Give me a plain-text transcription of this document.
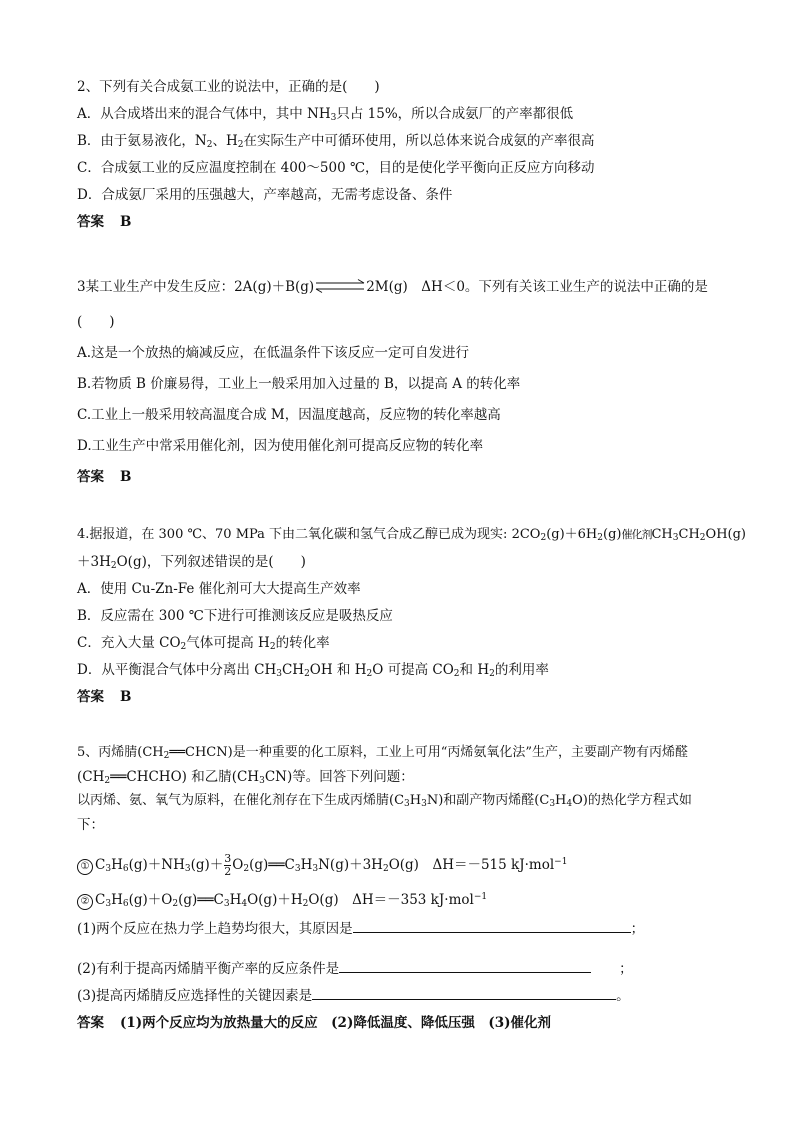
2、下列有关合成氨工业的说法中，正确的是(　　)
A．从合成塔出来的混合气体中，其中 $NH_3$只占 15%，所以合成氨厂的产率都很低
B．由于氨易液化，$N_2$、$H_2$在实际生产中可循环使用，所以总体来说合成氨的产率很高
C．合成氨工业的反应温度控制在 400～500 ℃，目的是使化学平衡向正反应方向移动
D．合成氨厂采用的压强越大，产率越高，无需考虑设备、条件
答案 B
3某工业生产中发生反应：2A(g)＋B(g)⇌2M(g)　ΔH＜0。下列有关该工业生产的说法中正确的是
(　　)
A.这是一个放热的熵减反应，在低温条件下该反应一定可自发进行
B.若物质 B 价廉易得，工业上一般采用加入过量的 B，以提高 A 的转化率
C.工业上一般采用较高温度合成 M，因温度越高，反应物的转化率越高
D.工业生产中常采用催化剂，因为使用催化剂可提高反应物的转化率
答案 B
4.据报道，在 300 ℃、70 MPa 下由二氧化碳和氢气合成乙醇已成为现实: $2CO_2(g)+6H_2(g)$催化剂$CH_3CH_2OH(g)$
$+3H_2O(g)$，下列叙述错误的是(　　)
A．使用 Cu-Zn-Fe 催化剂可大大提高生产效率
B．反应需在 300 ℃下进行可推测该反应是吸热反应
C．充入大量 $CO_2$气体可提高 $H_2$的转化率
D．从平衡混合气体中分离出 $CH_3CH_2OH$ 和 $H_2O$ 可提高 $CO_2$和 $H_2$的利用率
答案 B
5、丙烯腈$(CH_2══CHCN)$是一种重要的化工原料，工业上可用“丙烯氨氧化法”生产，主要副产物有丙烯醛
$(CH_2══CHCHO)$ 和乙腈$(CH_3CN)$等。回答下列问题：
以丙烯、氨、氧气为原料，在催化剂存在下生成丙烯腈$(C_3H_3N)$和副产物丙烯醛$(C_3H_4O)$的热化学方程式如
下：
① $C_3H_6(g)+NH_3(g)+ \frac{3}{2}$ $O_2(g)══C_3H_3N(g)+3H_2O(g)$　ΔH＝－515 kJ·mol$^{-1}$
② $C_3H_6(g)+O_2(g)══C_3H_4O(g)+H_2O(g)$　ΔH＝－353 kJ·mol$^{-1}$
(1)两个反应在热力学上趋势均很大，其原因是	；
(2)有利于提高丙烯腈平衡产率的反应条件是	；
(3)提高丙烯腈反应选择性的关键因素是	。
答案 (1)两个反应均为放热量大的反应　(2)降低温度、降低压强　(3)催化剂
